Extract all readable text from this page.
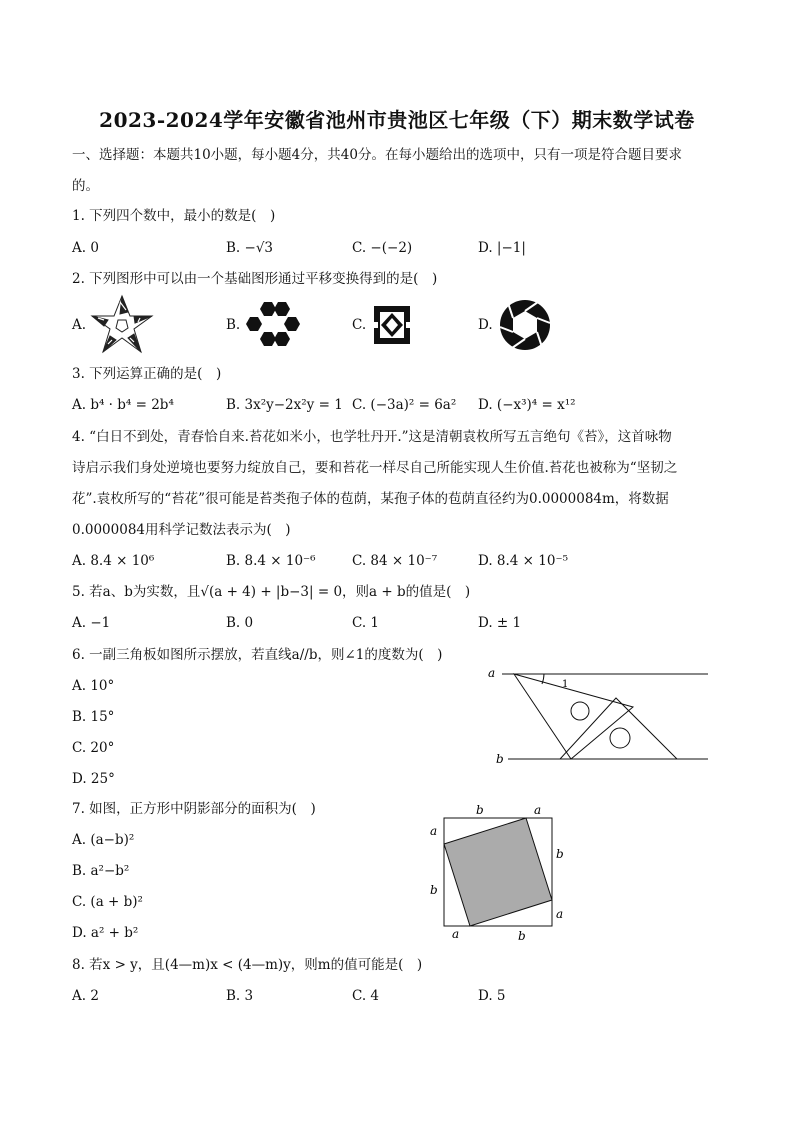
2023-2024学年安徽省池州市贵池区七年级（下）期末数学试卷
一、选择题：本题共10小题，每小题4分，共40分。在每小题给出的选项中，只有一项是符合题目要求
的。
1. 下列四个数中，最小的数是(　)
A. 0	B. −√3	C. −(−2)	D. |−1|
2. 下列图形中可以由一个基础图形通过平移变换得到的是(　)
A.	B.	C.	D.
3. 下列运算正确的是(　)
A. b⁴ · b⁴ = 2b⁴	B. 3x²y−2x²y = 1 C. (−3a)² = 6a² D. (−x³)⁴ = x¹²
4. “白日不到处，青春恰自来.苔花如米小，也学牡丹开.”这是清朝袁枚所写五言绝句《苔》，这首咏物
诗启示我们身处逆境也要努力绽放自己，要和苔花一样尽自己所能实现人生价值.苔花也被称为“坚韧之
花”.袁枚所写的“苔花”很可能是苔类孢子体的苞荫，某孢子体的苞荫直径约为0.0000084m，将数据
0.0000084用科学记数法表示为(　)
A. 8.4 × 10⁶	B. 8.4 × 10⁻⁶	C. 84 × 10⁻⁷	D. 8.4 × 10⁻⁵
5. 若a、b为实数，且√(a + 4) + |b−3| = 0，则a + b的值是(　)
A. −1	B. 0	C. 1	D. ± 1
6. 一副三角板如图所示摆放，若直线a//b，则∠1的度数为(　)
A. 10°
B. 15°
C. 20°
D. 25°
a
b
1
7. 如图，正方形中阴影部分的面积为(　)
A. (a−b)²
B. a²−b²
C. (a + b)²
D. a² + b²
b	a
a
b
b
a
a	b
8. 若x > y，且(4—m)x < (4—m)y，则m的值可能是(　)
A. 2	B. 3	C. 4	D. 5
